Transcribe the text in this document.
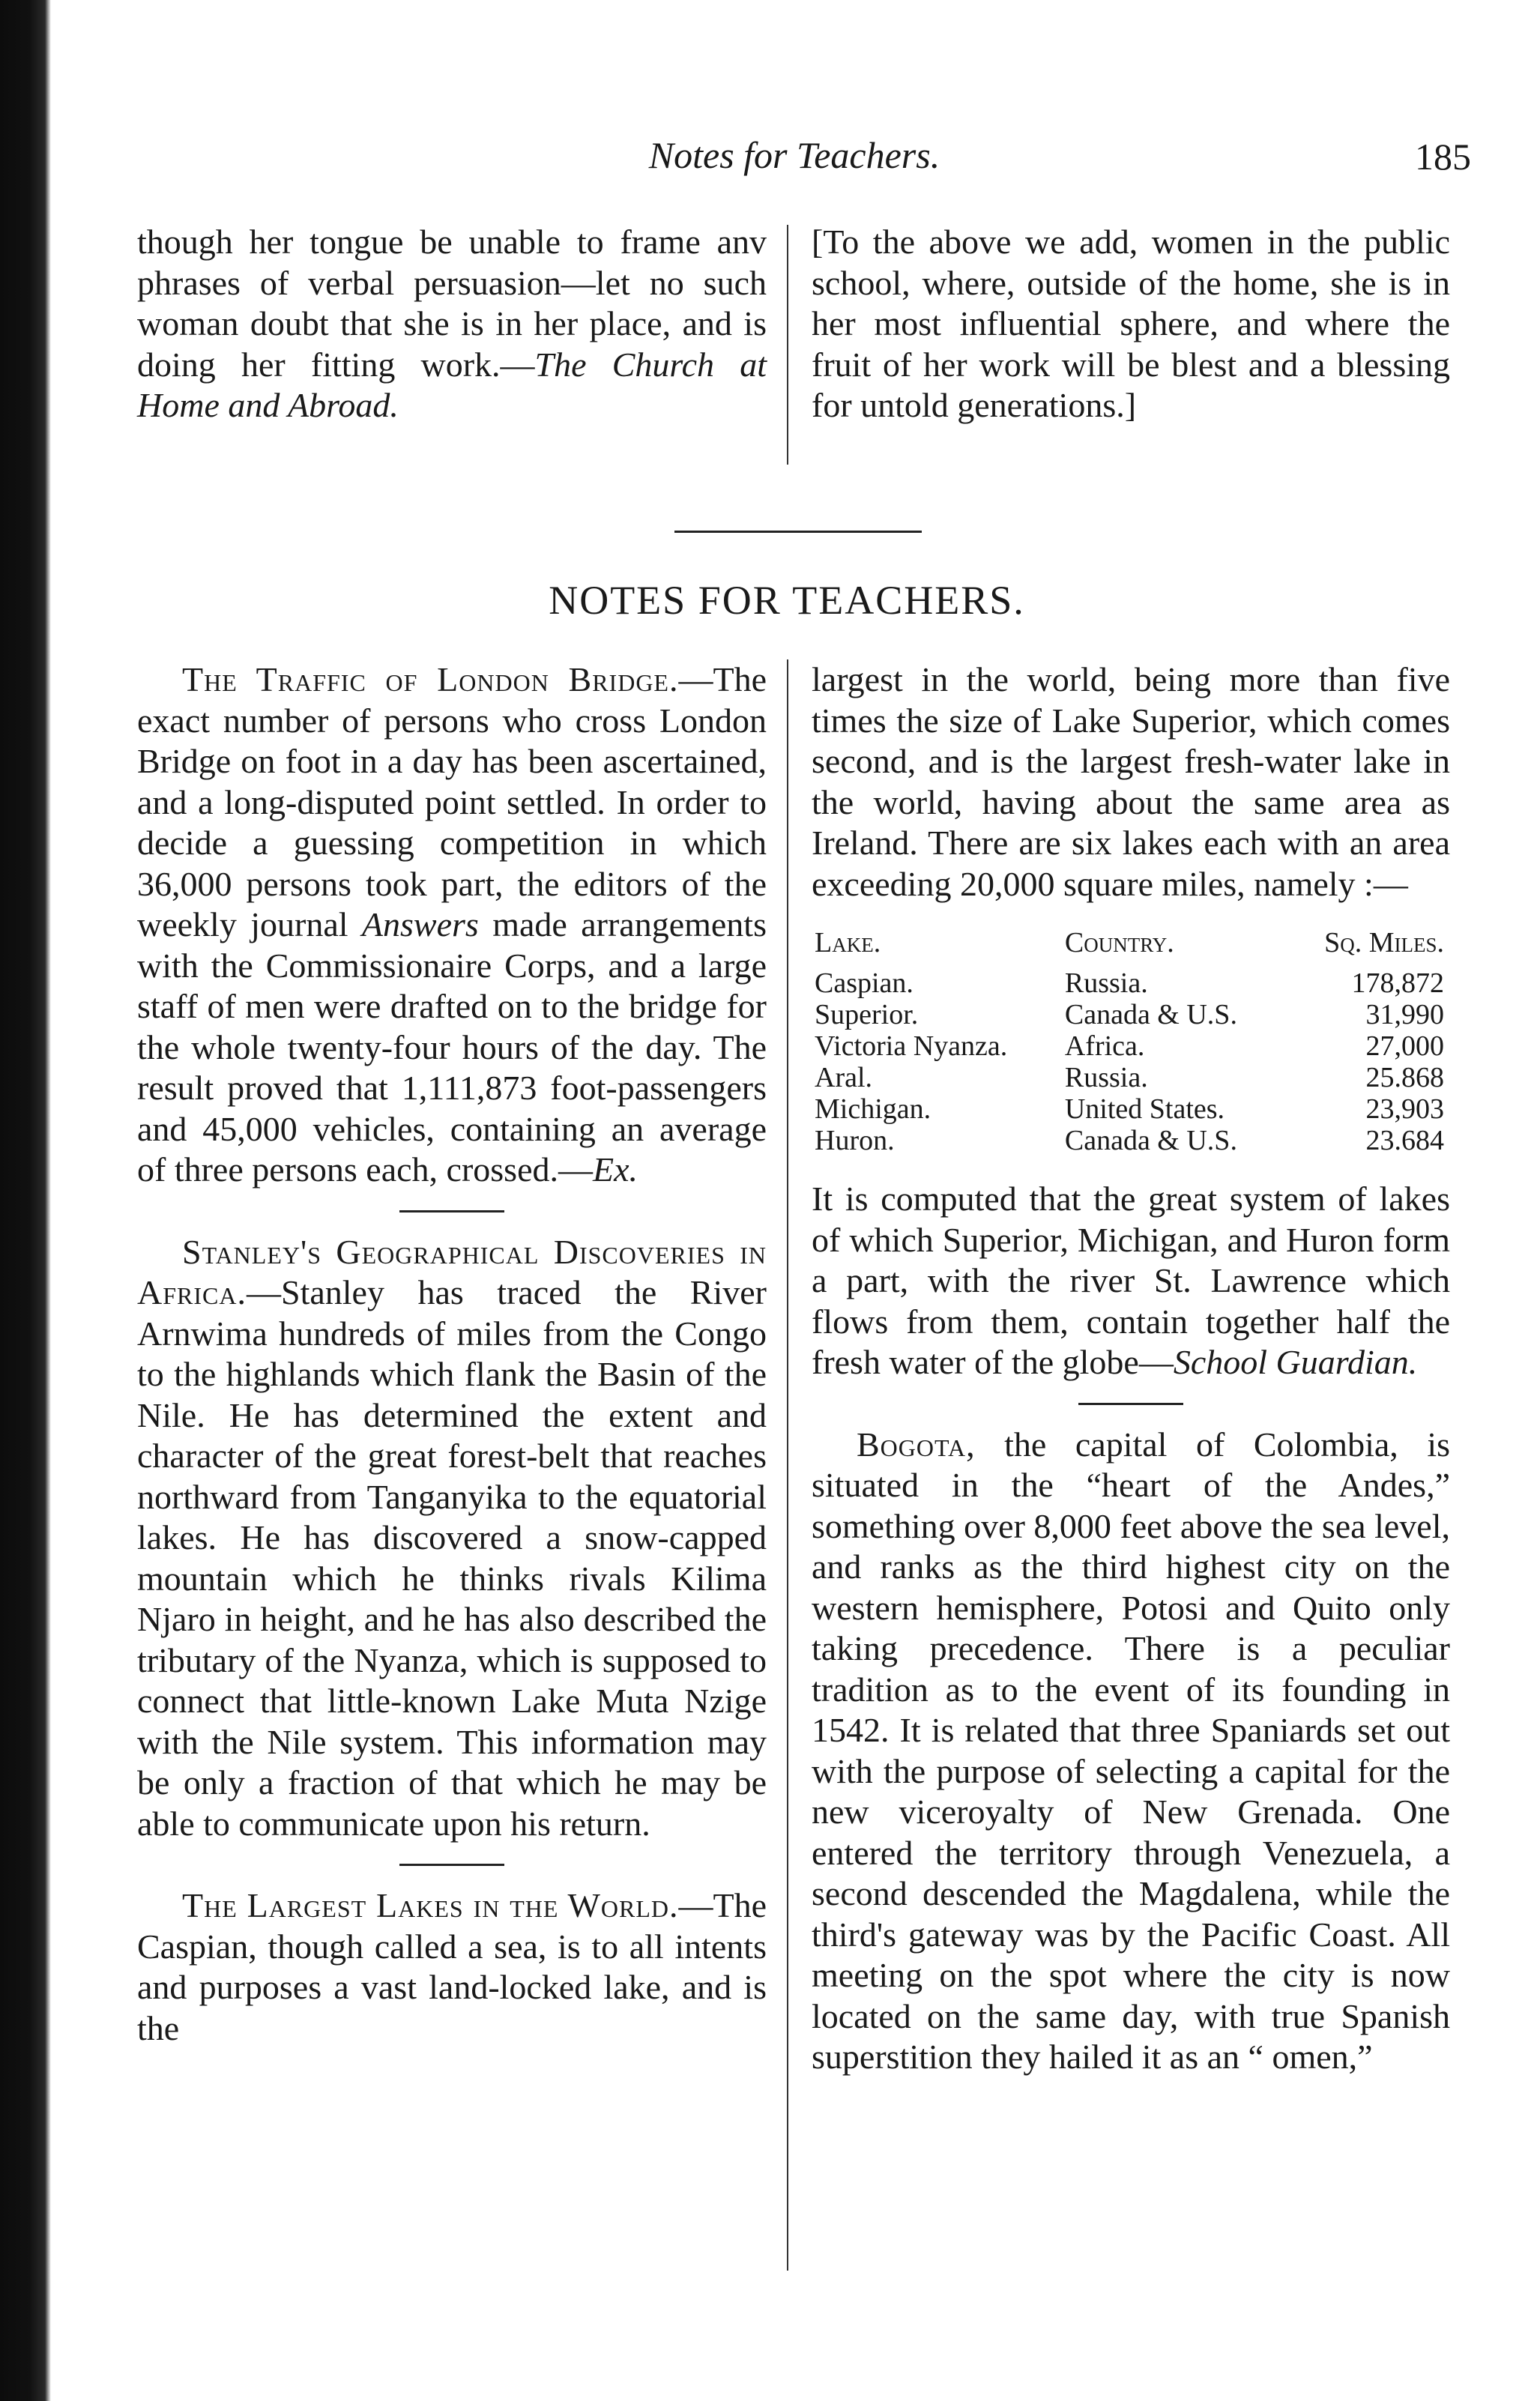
Notes for Teachers.	185

though her tongue be unable to frame anv phrases of verbal persuasion—let no such woman doubt that she is in her place, and is doing her fitting work.—The Church at Home and Abroad.

[To the above we add, women in the public school, where, outside of the home, she is in her most influential sphere, and where the fruit of her work will be blest and a blessing for untold generations.]

NOTES FOR TEACHERS.

The Traffic of London Bridge.—The exact number of persons who cross London Bridge on foot in a day has been ascertained, and a long-disputed point settled. In order to decide a guessing competition in which 36,000 persons took part, the editors of the weekly journal Answers made arrangements with the Commissionaire Corps, and a large staff of men were drafted on to the bridge for the whole twenty-four hours of the day. The result proved that 1,111,873 foot-passengers and 45,000 vehicles, containing an average of three persons each, crossed.—Ex.

Stanley's Geographical Discoveries in Africa.—Stanley has traced the River Arnwima hundreds of miles from the Congo to the highlands which flank the Basin of the Nile. He has determined the extent and character of the great forest-belt that reaches northward from Tanganyika to the equatorial lakes. He has discovered a snow-capped mountain which he thinks rivals Kilima Njaro in height, and he has also described the tributary of the Nyanza, which is supposed to connect that little-known Lake Muta Nzige with the Nile system. This information may be only a fraction of that which he may be able to communicate upon his return.

The Largest Lakes in the World.—The Caspian, though called a sea, is to all intents and purposes a vast land-locked lake, and is the

largest in the world, being more than five times the size of Lake Superior, which comes second, and is the largest fresh-water lake in the world, having about the same area as Ireland. There are six lakes each with an area exceeding 20,000 square miles, namely :—

Lake.	Country.	Sq. Miles.
Caspian.	Russia.	178,872
Superior.	Canada & U.S.	31,990
Victoria Nyanza.	Africa.	27,000
Aral.	Russia.	25.868
Michigan.	United States.	23,903
Huron.	Canada & U.S.	23.684

It is computed that the great system of lakes of which Superior, Michigan, and Huron form a part, with the river St. Lawrence which flows from them, contain together half the fresh water of the globe—School Guardian.

Bogota, the capital of Colombia, is situated in the “heart of the Andes,” something over 8,000 feet above the sea level, and ranks as the third highest city on the western hemisphere, Potosi and Quito only taking precedence. There is a peculiar tradition as to the event of its founding in 1542. It is related that three Spaniards set out with the purpose of selecting a capital for the new viceroyalty of New Grenada. One entered the territory through Venezuela, a second descended the Magdalena, while the third's gateway was by the Pacific Coast. All meeting on the spot where the city is now located on the same day, with true Spanish superstition they hailed it as an “ omen,”
